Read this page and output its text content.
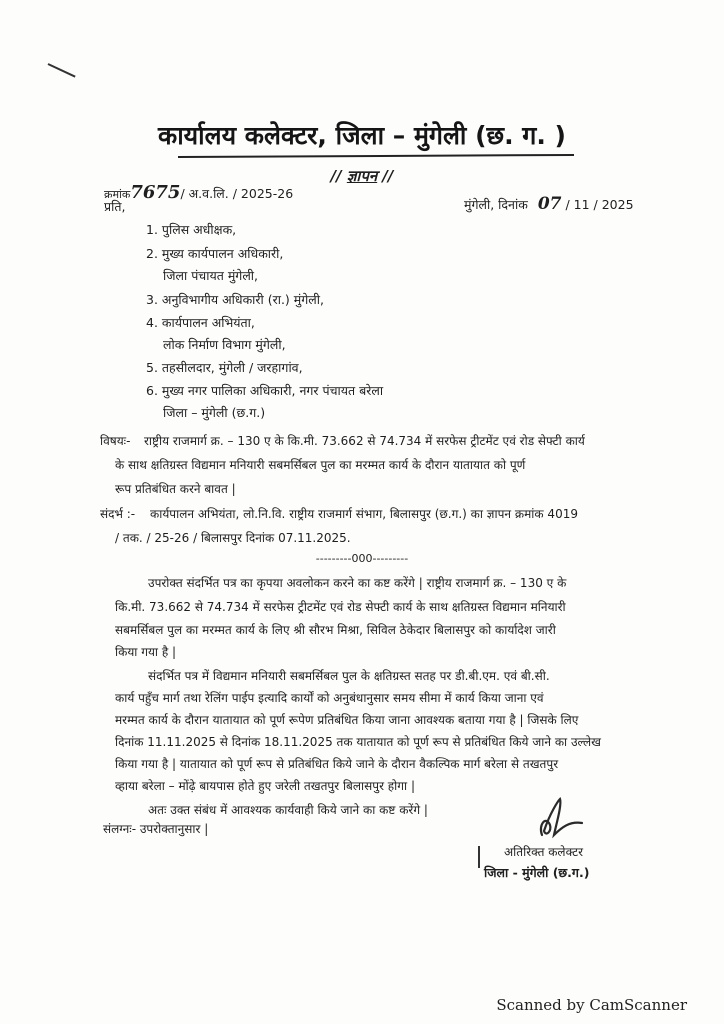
कार्यालय कलेक्टर, जिला – मुंगेली (छ. ग. )
// ज्ञापन //
क्रमांक7675/ अ.व.लि. / 2025-26
प्रति,	मुंगेली, दिनांक 07 / 11 / 2025
1. पुलिस अधीक्षक,
2. मुख्य कार्यपालन अधिकारी,
जिला पंचायत मुंगेली,
3. अनुविभागीय अधिकारी (रा.) मुंगेली,
4. कार्यपालन अभियंता,
लोक निर्माण विभाग मुंगेली,
5. तहसीलदार, मुंगेली / जरहागांव,
6. मुख्य नगर पालिका अधिकारी, नगर पंचायत बरेला
जिला – मुंगेली (छ.ग.)
विषयः- राष्ट्रीय राजमार्ग क्र. – 130 ए के कि.मी. 73.662 से 74.734 में सरफेस ट्रीटमेंट एवं रोड सेफ्टी कार्य
के साथ क्षतिग्रस्त विद्यमान मनियारी सबमर्सिबल पुल का मरम्मत कार्य के दौरान यातायात को पूर्ण
रूप प्रतिबंधित करने बावत |
संदर्भ :- कार्यपालन अभियंता, लो.नि.वि. राष्ट्रीय राजमार्ग संभाग, बिलासपुर (छ.ग.) का ज्ञापन क्रमांक 4019
/ तक. / 25-26 / बिलासपुर दिनांक 07.11.2025.
---------000---------
उपरोक्त संदर्भित पत्र का कृपया अवलोकन करने का कष्ट करेंगे | राष्ट्रीय राजमार्ग क्र. – 130 ए के
कि.मी. 73.662 से 74.734 में सरफेस ट्रीटमेंट एवं रोड सेफ्टी कार्य के साथ क्षतिग्रस्त विद्यमान मनियारी
सबमर्सिबल पुल का मरम्मत कार्य के लिए श्री सौरभ मिश्रा, सिविल ठेकेदार बिलासपुर को कार्यादेश जारी
किया गया है |
संदर्भित पत्र में विद्यमान मनियारी सबमर्सिबल पुल के क्षतिग्रस्त सतह पर डी.बी.एम. एवं बी.सी.
कार्य पहुँच मार्ग तथा रेलिंग पाईप इत्यादि कार्यों को अनुबंधानुसार समय सीमा में कार्य किया जाना एवं
मरम्मत कार्य के दौरान यातायात को पूर्ण रूपेण प्रतिबंधित किया जाना आवश्यक बताया गया है | जिसके लिए
दिनांक 11.11.2025 से दिनांक 18.11.2025 तक यातायात को पूर्ण रूप से प्रतिबंधित किये जाने का उल्लेख
किया गया है | यातायात को पूर्ण रूप से प्रतिबंधित किये जाने के दौरान वैकल्पिक मार्ग बरेला से तखतपुर
व्हाया बरेला – मोंढ़े बायपास होते हुए जरेली तखतपुर बिलासपुर होगा |
अतः उक्त संबंध में आवश्यक कार्यवाही किये जाने का कष्ट करेंगे |
संलग्नः- उपरोक्तानुसार |
अतिरिक्त कलेक्टर
जिला - मुंगेली (छ.ग.)
Scanned by CamScanner
